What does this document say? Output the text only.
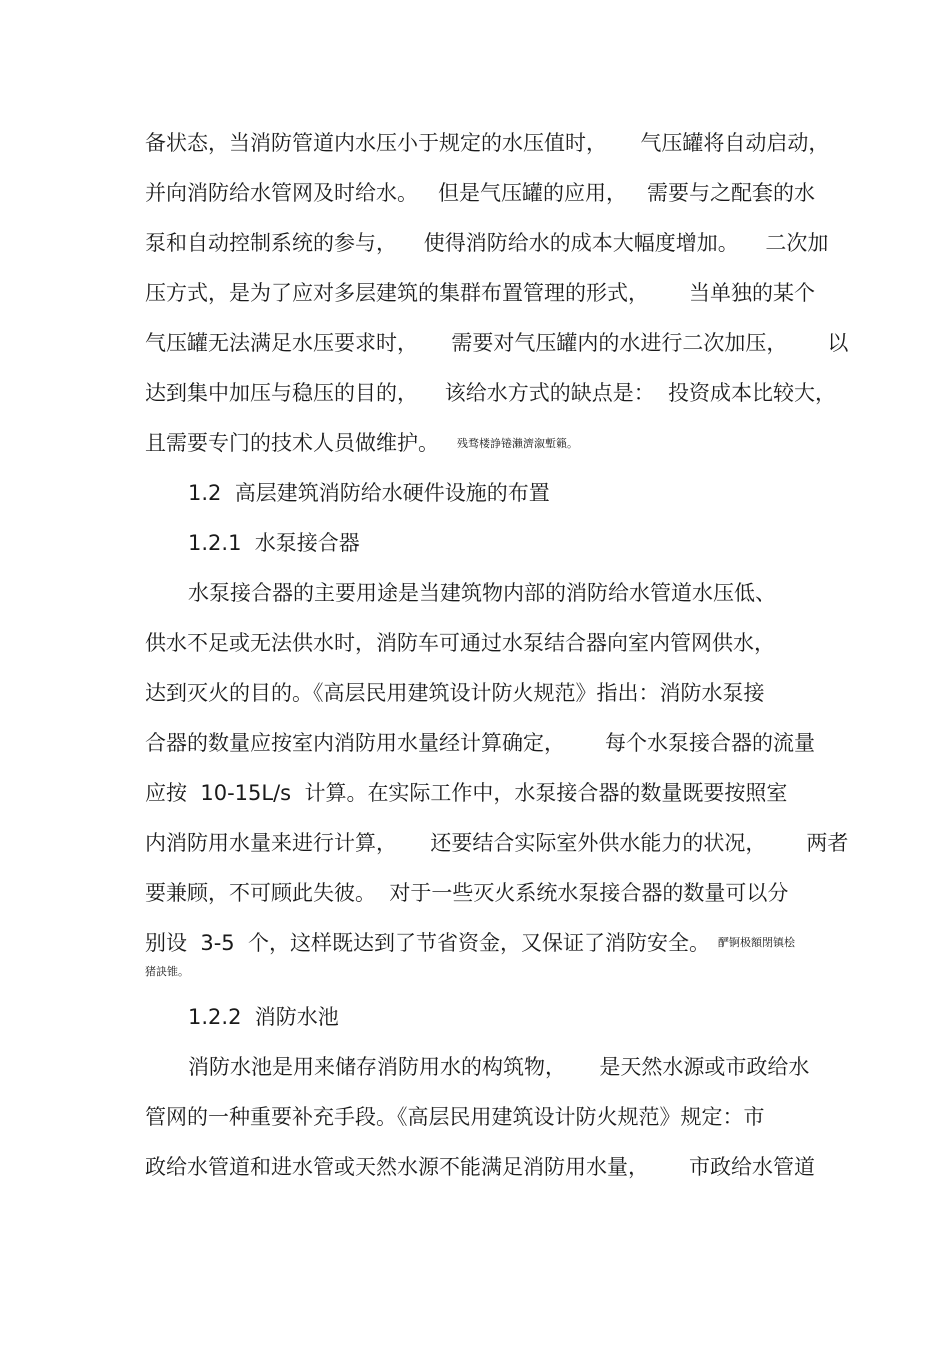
备状态，当消防管道内水压小于规定的水压值时，     气压罐将自动启动，
并向消防给水管网及时给水。   但是气压罐的应用，   需要与之配套的水
泵和自动控制系统的参与，    使得消防给水的成本大幅度增加。    二次加
压方式，是为了应对多层建筑的集群布置管理的形式，      当单独的某个
气压罐无法满足水压要求时，     需要对气压罐内的水进行二次加压，      以
达到集中加压与稳压的目的，    该给水方式的缺点是：  投资成本比较大，
且需要专门的技术人员做维护。 残骛楼諍锩瀨濟溆塹籟。
1.2  高层建筑消防给水硬件设施的布置
1.2.1  水泵接合器
水泵接合器的主要用途是当建筑物内部的消防给水管道水压低、
供水不足或无法供水时，消防车可通过水泵结合器向室内管网供水，
达到灭火的目的。《高层民用建筑设计防火规范》指出：消防水泵接
合器的数量应按室内消防用水量经计算确定，      每个水泵接合器的流量
应按  10-15L/s  计算。在实际工作中，水泵接合器的数量既要按照室
内消防用水量来进行计算，     还要结合实际室外供水能力的状况，      两者
要兼顾，不可顾此失彼。  对于一些灭火系统水泵接合器的数量可以分
别设  3-5  个，这样既达到了节省资金，又保证了消防安全。 酽锕极額閉镇桧
猪訣锥。
1.2.2  消防水池
消防水池是用来储存消防用水的构筑物，     是天然水源或市政给水
管网的一种重要补充手段。《高层民用建筑设计防火规范》规定：市
政给水管道和进水管或天然水源不能满足消防用水量，      市政给水管道
